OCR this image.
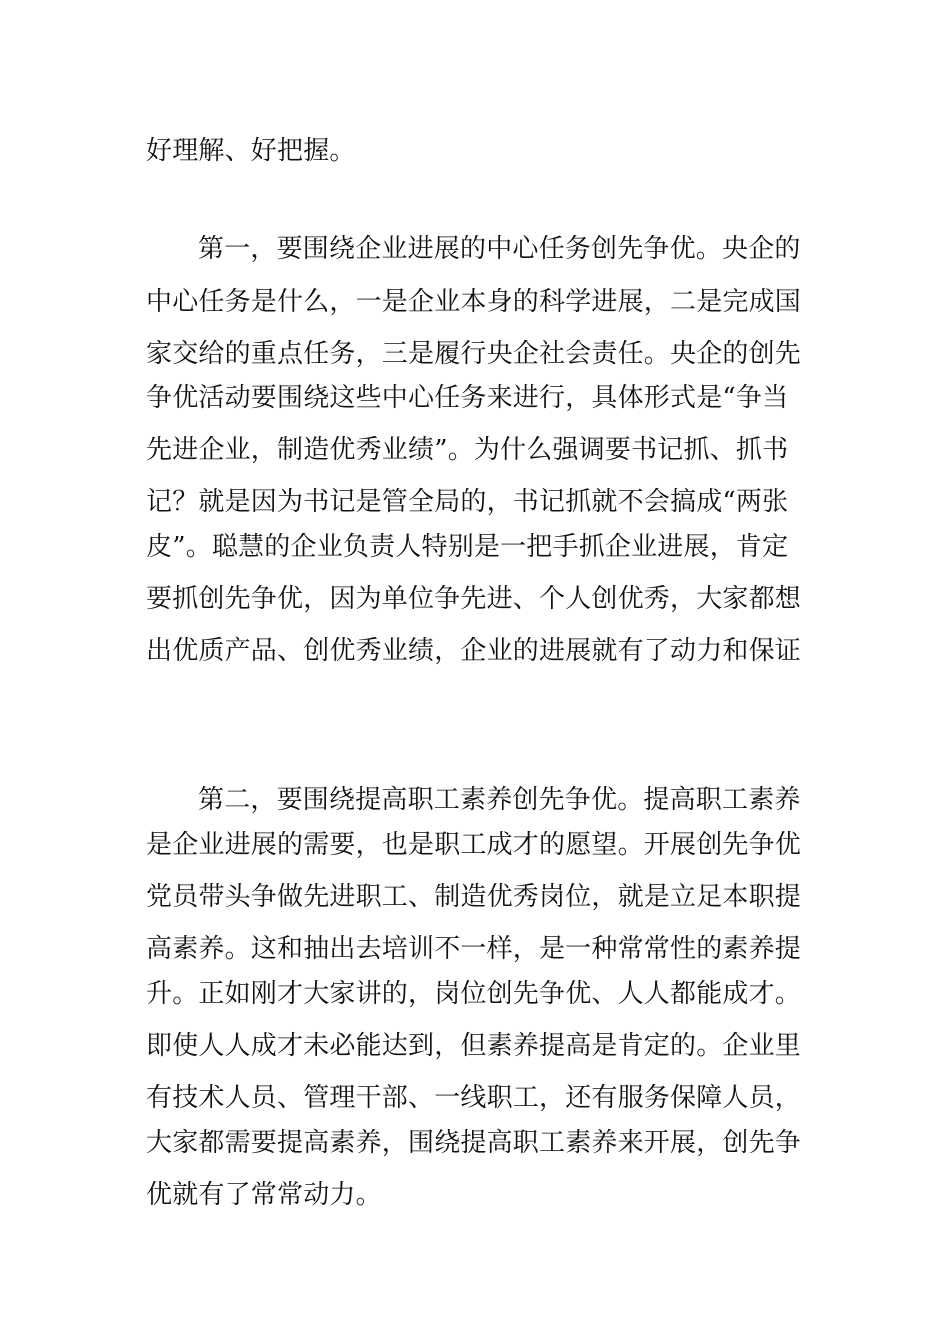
好理解、好把握。
第一，要围绕企业进展的中心任务创先争优。央企的
中心任务是什么，一是企业本身的科学进展，二是完成国
家交给的重点任务，三是履行央企社会责任。央企的创先
争优活动要围绕这些中心任务来进行，具体形式是“争当
先进企业，制造优秀业绩”。为什么强调要书记抓、抓书
记？就是因为书记是管全局的，书记抓就不会搞成“两张
皮”。聪慧的企业负责人特别是一把手抓企业进展，肯定
要抓创先争优，因为单位争先进、个人创优秀，大家都想
出优质产品、创优秀业绩，企业的进展就有了动力和保证
第二，要围绕提高职工素养创先争优。提高职工素养
是企业进展的需要，也是职工成才的愿望。开展创先争优
党员带头争做先进职工、制造优秀岗位，就是立足本职提
高素养。这和抽出去培训不一样，是一种常常性的素养提
升。正如刚才大家讲的，岗位创先争优、人人都能成才。
即使人人成才未必能达到，但素养提高是肯定的。企业里
有技术人员、管理干部、一线职工，还有服务保障人员，
大家都需要提高素养，围绕提高职工素养来开展，创先争
优就有了常常动力。
